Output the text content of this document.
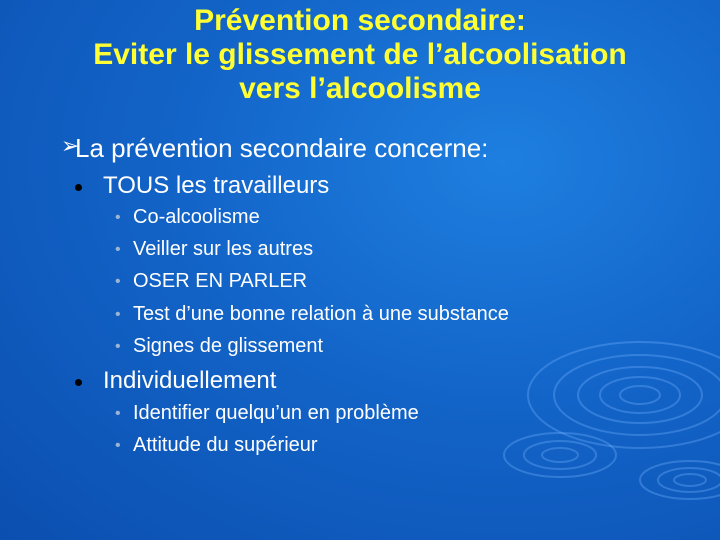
Prévention secondaire:
Eviter le glissement de l’alcoolisation
vers l’alcoolisme
➢
La prévention secondaire concerne:
TOUS les travailleurs
• Co-alcoolisme
• Veiller sur les autres
• OSER EN PARLER
• Test d’une bonne relation à une substance
• Signes de glissement
Individuellement
• Identifier quelqu’un en problème
• Attitude du supérieur
